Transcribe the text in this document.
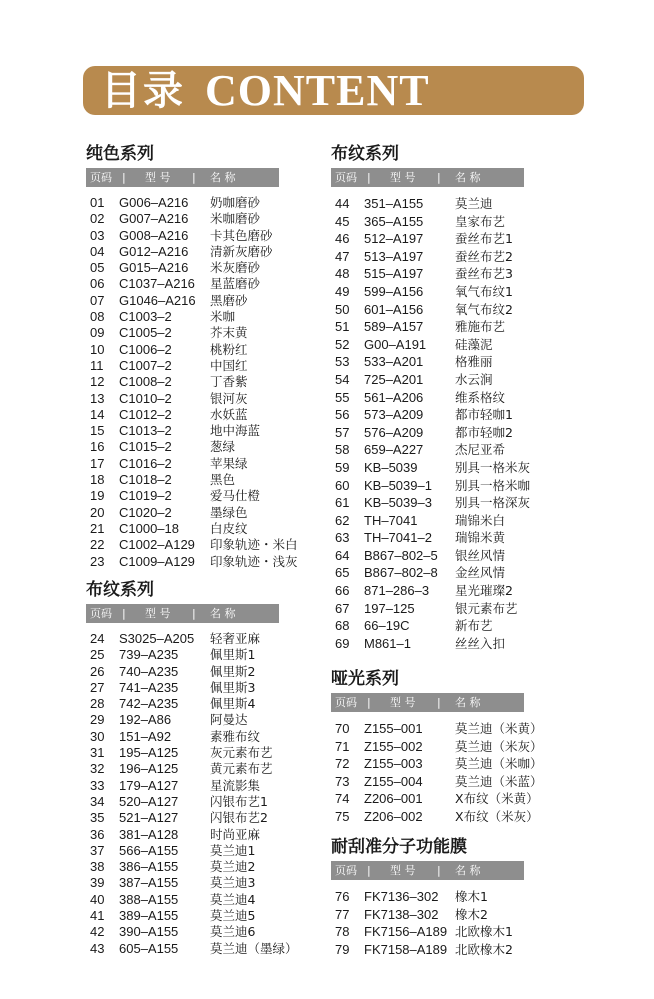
目录 CONTENT
纯色系列
页码 | 型 号 | 名 称
01 G006–A216 奶咖磨砂
02 G007–A216 米咖磨砂
03 G008–A216 卡其色磨砂
04 G012–A216 清新灰磨砂
05 G015–A216 米灰磨砂
06 C1037–A216 星蓝磨砂
07 G1046–A216 黑磨砂
08 C1003–2	米咖
09 C1005–2	芥末黄
10 C1006–2	桃粉红
11 C1007–2	中国红
12 C1008–2	丁香紫
13 C1010–2	银河灰
14 C1012–2	水妖蓝
15 C1013–2	地中海蓝
16 C1015–2	葱绿
17 C1016–2	苹果绿
18 C1018–2	黑色
19 C1019–2	爱马仕橙
20 C1020–2	墨绿色
21 C1000–18 白皮纹
22 C1002–A129 印象轨迹・米白
23 C1009–A129 印象轨迹・浅灰
布纹系列
页码 | 型 号 | 名 称
24 S3025–A205 轻奢亚麻
25 739–A235	佩里斯1
26 740–A235	佩里斯2
27 741–A235	佩里斯3
28 742–A235	佩里斯4
29 192–A86	阿曼达
30 151–A92	素雅布纹
31 195–A125	灰元素布艺
32 196–A125	黄元素布艺
33 179–A127	星流影集
34 520–A127	闪银布艺1
35 521–A127	闪银布艺2
36 381–A128	时尚亚麻
37 566–A155	莫兰迪1
38 386–A155	莫兰迪2
39 387–A155	莫兰迪3
40 388–A155	莫兰迪4
41 389–A155	莫兰迪5
42 390–A155	莫兰迪6
43 605–A155	莫兰迪（墨绿）
布纹系列
页码 | 型 号 | 名 称
44 351–A155	莫兰迪
45 365–A155	皇家布艺
46 512–A197	蚕丝布艺1
47 513–A197	蚕丝布艺2
48 515–A197	蚕丝布艺3
49 599–A156	氧气布纹1
50 601–A156	氧气布纹2
51 589–A157	雅施布艺
52 G00–A191 硅藻泥
53 533–A201	格雅丽
54 725–A201	水云涧
55 561–A206	维系格纹
56 573–A209	都市轻咖1
57 576–A209	都市轻咖2
58 659–A227	杰尼亚希
59 KB–5039	别具一格米灰
60 KB–5039–1 别具一格米咖
61 KB–5039–3 别具一格深灰
62 TH–7041	瑞锦米白
63 TH–7041–2 瑞锦米黄
64 B867–802–5 银丝风情
65 B867–802–8 金丝风情
66 871–286–3 星光璀璨2
67 197–125	银元素布艺
68 66–19C	新布艺
69 M861–1	丝丝入扣
哑光系列
页码 | 型 号 | 名 称
70 Z155–001	莫兰迪（米黄）
71 Z155–002	莫兰迪（米灰）
72 Z155–003	莫兰迪（米咖）
73 Z155–004	莫兰迪（米蓝）
74 Z206–001	X布纹（米黄）
75 Z206–002	X布纹（米灰）
耐刮准分子功能膜
页码 | 型 号 | 名 称
76 FK7136–302 橡木1
77 FK7138–302 橡木2
78 FK7156–A189 北欧橡木1
79 FK7158–A189 北欧橡木2
